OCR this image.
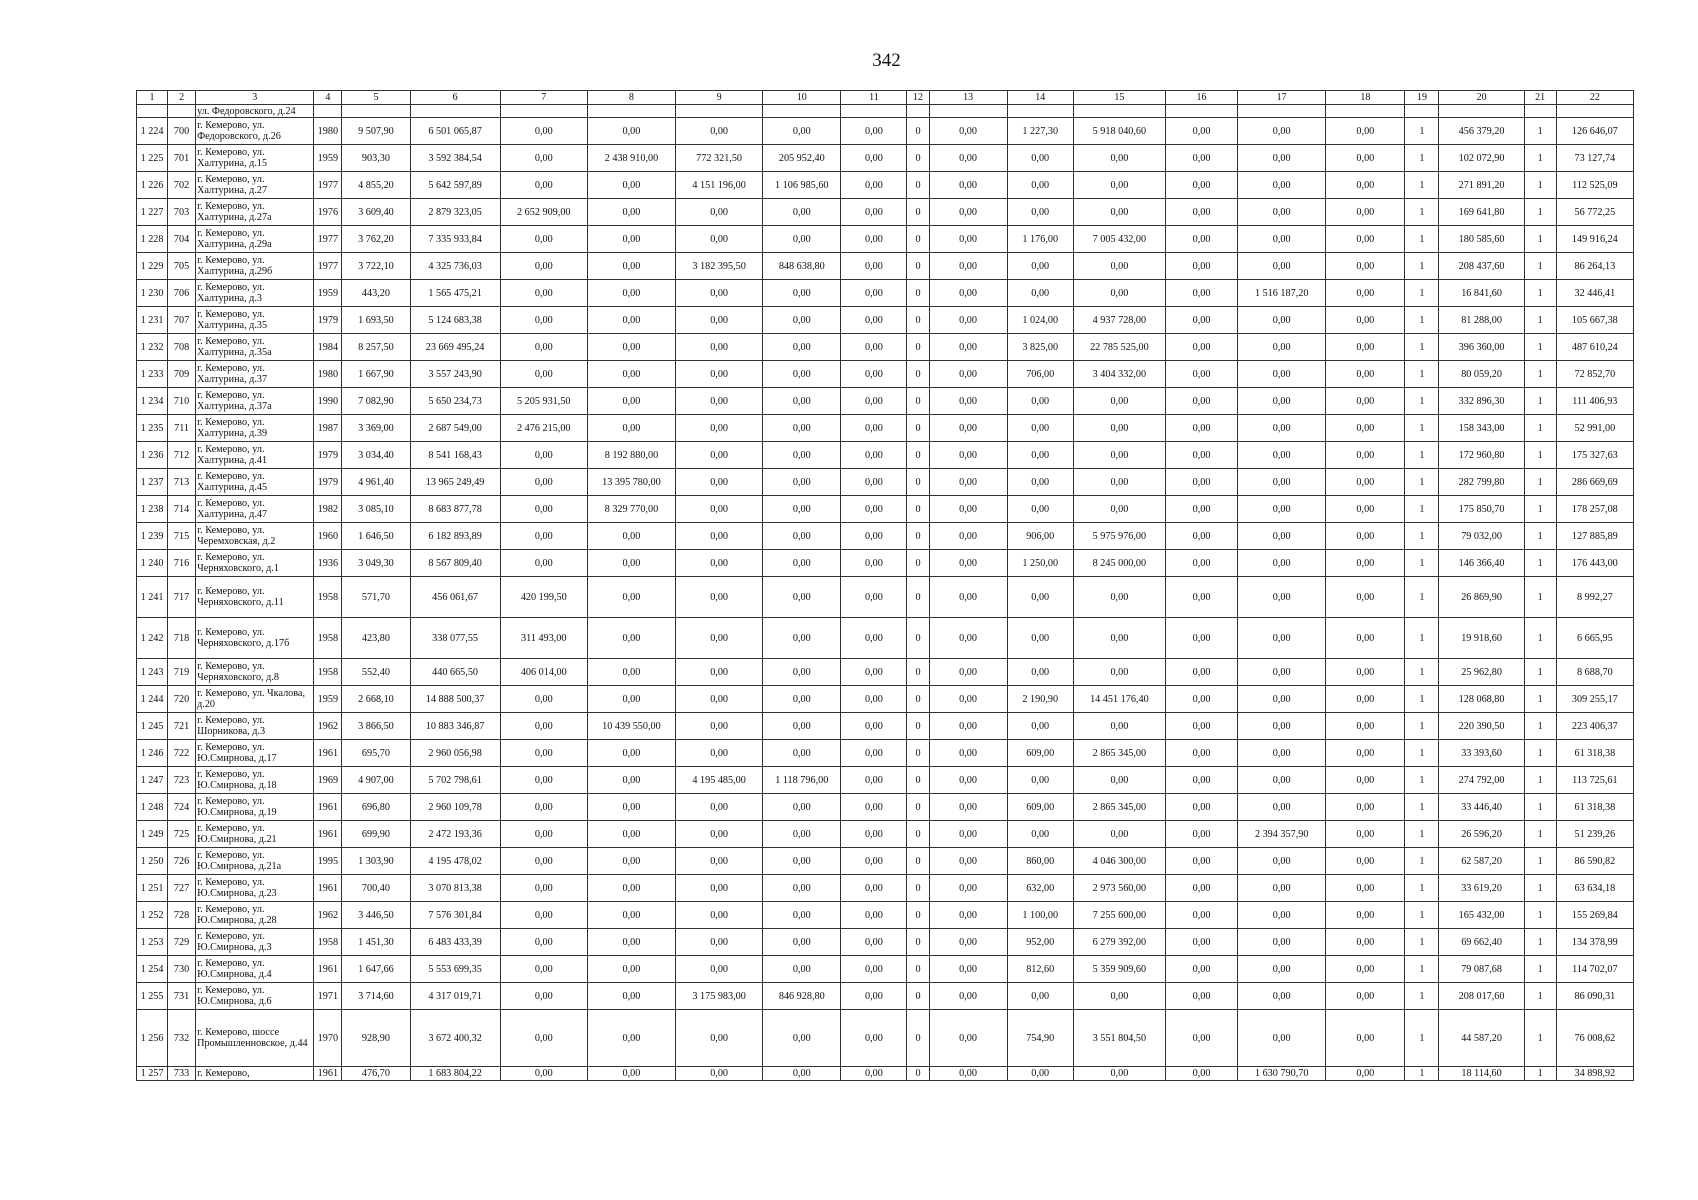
342
1	2	3	4	5	6	7	8	9	10	11	12	13	14	15	16	17	18	19	20	21	22
		ул. Федоровского, д.24																			
1 224	700	г. Кемерово, ул. Федоровского, д.26	1980	9 507,90	6 501 065,87	0,00	0,00	0,00	0,00	0,00	0	0,00	1 227,30	5 918 040,60	0,00	0,00	0,00	1	456 379,20	1	126 646,07
1 225	701	г. Кемерово, ул. Халтурина, д.15	1959	903,30	3 592 384,54	0,00	2 438 910,00	772 321,50	205 952,40	0,00	0	0,00	0,00	0,00	0,00	0,00	0,00	1	102 072,90	1	73 127,74
1 226	702	г. Кемерово, ул. Халтурина, д.27	1977	4 855,20	5 642 597,89	0,00	0,00	4 151 196,00	1 106 985,60	0,00	0	0,00	0,00	0,00	0,00	0,00	0,00	1	271 891,20	1	112 525,09
1 227	703	г. Кемерово, ул. Халтурина, д.27а	1976	3 609,40	2 879 323,05	2 652 909,00	0,00	0,00	0,00	0,00	0	0,00	0,00	0,00	0,00	0,00	0,00	1	169 641,80	1	56 772,25
1 228	704	г. Кемерово, ул. Халтурина, д.29а	1977	3 762,20	7 335 933,84	0,00	0,00	0,00	0,00	0,00	0	0,00	1 176,00	7 005 432,00	0,00	0,00	0,00	1	180 585,60	1	149 916,24
1 229	705	г. Кемерово, ул. Халтурина, д.29б	1977	3 722,10	4 325 736,03	0,00	0,00	3 182 395,50	848 638,80	0,00	0	0,00	0,00	0,00	0,00	0,00	0,00	1	208 437,60	1	86 264,13
1 230	706	г. Кемерово, ул. Халтурина, д.3	1959	443,20	1 565 475,21	0,00	0,00	0,00	0,00	0,00	0	0,00	0,00	0,00	0,00	1 516 187,20	0,00	1	16 841,60	1	32 446,41
1 231	707	г. Кемерово, ул. Халтурина, д.35	1979	1 693,50	5 124 683,38	0,00	0,00	0,00	0,00	0,00	0	0,00	1 024,00	4 937 728,00	0,00	0,00	0,00	1	81 288,00	1	105 667,38
1 232	708	г. Кемерово, ул. Халтурина, д.35а	1984	8 257,50	23 669 495,24	0,00	0,00	0,00	0,00	0,00	0	0,00	3 825,00	22 785 525,00	0,00	0,00	0,00	1	396 360,00	1	487 610,24
1 233	709	г. Кемерово, ул. Халтурина, д.37	1980	1 667,90	3 557 243,90	0,00	0,00	0,00	0,00	0,00	0	0,00	706,00	3 404 332,00	0,00	0,00	0,00	1	80 059,20	1	72 852,70
1 234	710	г. Кемерово, ул. Халтурина, д.37а	1990	7 082,90	5 650 234,73	5 205 931,50	0,00	0,00	0,00	0,00	0	0,00	0,00	0,00	0,00	0,00	0,00	1	332 896,30	1	111 406,93
1 235	711	г. Кемерово, ул. Халтурина, д.39	1987	3 369,00	2 687 549,00	2 476 215,00	0,00	0,00	0,00	0,00	0	0,00	0,00	0,00	0,00	0,00	0,00	1	158 343,00	1	52 991,00
1 236	712	г. Кемерово, ул. Халтурина, д.41	1979	3 034,40	8 541 168,43	0,00	8 192 880,00	0,00	0,00	0,00	0	0,00	0,00	0,00	0,00	0,00	0,00	1	172 960,80	1	175 327,63
1 237	713	г. Кемерово, ул. Халтурина, д.45	1979	4 961,40	13 965 249,49	0,00	13 395 780,00	0,00	0,00	0,00	0	0,00	0,00	0,00	0,00	0,00	0,00	1	282 799,80	1	286 669,69
1 238	714	г. Кемерово, ул. Халтурина, д.47	1982	3 085,10	8 683 877,78	0,00	8 329 770,00	0,00	0,00	0,00	0	0,00	0,00	0,00	0,00	0,00	0,00	1	175 850,70	1	178 257,08
1 239	715	г. Кемерово, ул. Черемховская, д.2	1960	1 646,50	6 182 893,89	0,00	0,00	0,00	0,00	0,00	0	0,00	906,00	5 975 976,00	0,00	0,00	0,00	1	79 032,00	1	127 885,89
1 240	716	г. Кемерово, ул. Черняховского, д.1	1936	3 049,30	8 567 809,40	0,00	0,00	0,00	0,00	0,00	0	0,00	1 250,00	8 245 000,00	0,00	0,00	0,00	1	146 366,40	1	176 443,00
1 241	717	г. Кемерово, ул. Черняховского, д.11	1958	571,70	456 061,67	420 199,50	0,00	0,00	0,00	0,00	0	0,00	0,00	0,00	0,00	0,00	0,00	1	26 869,90	1	8 992,27
1 242	718	г. Кемерово, ул. Черняховского, д.17б	1958	423,80	338 077,55	311 493,00	0,00	0,00	0,00	0,00	0	0,00	0,00	0,00	0,00	0,00	0,00	1	19 918,60	1	6 665,95
1 243	719	г. Кемерово, ул. Черняховского, д.8	1958	552,40	440 665,50	406 014,00	0,00	0,00	0,00	0,00	0	0,00	0,00	0,00	0,00	0,00	0,00	1	25 962,80	1	8 688,70
1 244	720	г. Кемерово, ул. Чкалова, д.20	1959	2 668,10	14 888 500,37	0,00	0,00	0,00	0,00	0,00	0	0,00	2 190,90	14 451 176,40	0,00	0,00	0,00	1	128 068,80	1	309 255,17
1 245	721	г. Кемерово, ул. Шорникова, д.3	1962	3 866,50	10 883 346,87	0,00	10 439 550,00	0,00	0,00	0,00	0	0,00	0,00	0,00	0,00	0,00	0,00	1	220 390,50	1	223 406,37
1 246	722	г. Кемерово, ул. Ю.Смирнова, д.17	1961	695,70	2 960 056,98	0,00	0,00	0,00	0,00	0,00	0	0,00	609,00	2 865 345,00	0,00	0,00	0,00	1	33 393,60	1	61 318,38
1 247	723	г. Кемерово, ул. Ю.Смирнова, д.18	1969	4 907,00	5 702 798,61	0,00	0,00	4 195 485,00	1 118 796,00	0,00	0	0,00	0,00	0,00	0,00	0,00	0,00	1	274 792,00	1	113 725,61
1 248	724	г. Кемерово, ул. Ю.Смирнова, д.19	1961	696,80	2 960 109,78	0,00	0,00	0,00	0,00	0,00	0	0,00	609,00	2 865 345,00	0,00	0,00	0,00	1	33 446,40	1	61 318,38
1 249	725	г. Кемерово, ул. Ю.Смирнова, д.21	1961	699,90	2 472 193,36	0,00	0,00	0,00	0,00	0,00	0	0,00	0,00	0,00	0,00	2 394 357,90	0,00	1	26 596,20	1	51 239,26
1 250	726	г. Кемерово, ул. Ю.Смирнова, д.21а	1995	1 303,90	4 195 478,02	0,00	0,00	0,00	0,00	0,00	0	0,00	860,00	4 046 300,00	0,00	0,00	0,00	1	62 587,20	1	86 590,82
1 251	727	г. Кемерово, ул. Ю.Смирнова, д.23	1961	700,40	3 070 813,38	0,00	0,00	0,00	0,00	0,00	0	0,00	632,00	2 973 560,00	0,00	0,00	0,00	1	33 619,20	1	63 634,18
1 252	728	г. Кемерово, ул. Ю.Смирнова, д.28	1962	3 446,50	7 576 301,84	0,00	0,00	0,00	0,00	0,00	0	0,00	1 100,00	7 255 600,00	0,00	0,00	0,00	1	165 432,00	1	155 269,84
1 253	729	г. Кемерово, ул. Ю.Смирнова, д.3	1958	1 451,30	6 483 433,39	0,00	0,00	0,00	0,00	0,00	0	0,00	952,00	6 279 392,00	0,00	0,00	0,00	1	69 662,40	1	134 378,99
1 254	730	г. Кемерово, ул. Ю.Смирнова, д.4	1961	1 647,66	5 553 699,35	0,00	0,00	0,00	0,00	0,00	0	0,00	812,60	5 359 909,60	0,00	0,00	0,00	1	79 087,68	1	114 702,07
1 255	731	г. Кемерово, ул. Ю.Смирнова, д.6	1971	3 714,60	4 317 019,71	0,00	0,00	3 175 983,00	846 928,80	0,00	0	0,00	0,00	0,00	0,00	0,00	0,00	1	208 017,60	1	86 090,31
1 256	732	г. Кемерово, шоссе Промышленновское, д.44	1970	928,90	3 672 400,32	0,00	0,00	0,00	0,00	0,00	0	0,00	754,90	3 551 804,50	0,00	0,00	0,00	1	44 587,20	1	76 008,62
1 257	733	г. Кемерово,	1961	476,70	1 683 804,22	0,00	0,00	0,00	0,00	0,00	0	0,00	0,00	0,00	0,00	1 630 790,70	0,00	1	18 114,60	1	34 898,92
